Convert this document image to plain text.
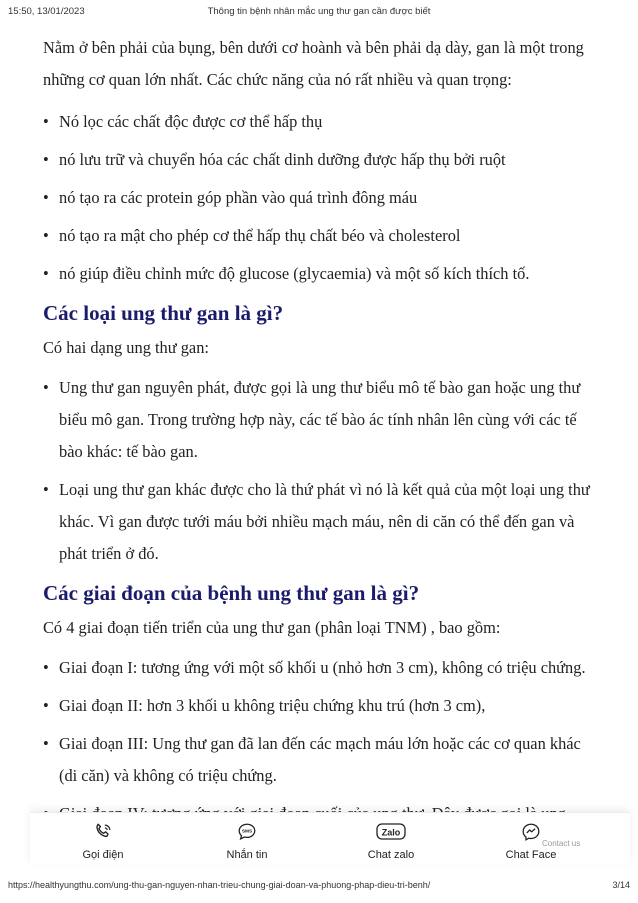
15:50, 13/01/2023	Thông tin bệnh nhân mắc ung thư gan cần được biết

Nằm ở bên phải của bụng, bên dưới cơ hoành và bên phải dạ dày, gan là một trong những cơ quan lớn nhất. Các chức năng của nó rất nhiều và quan trọng:

• Nó lọc các chất độc được cơ thể hấp thụ
• nó lưu trữ và chuyển hóa các chất dinh dưỡng được hấp thụ bởi ruột
• nó tạo ra các protein góp phần vào quá trình đông máu
• nó tạo ra mật cho phép cơ thể hấp thụ chất béo và cholesterol
• nó giúp điều chỉnh mức độ glucose (glycaemia) và một số kích thích tố.
Các loại ung thư gan là gì?

Có hai dạng ung thư gan:

• Ung thư gan nguyên phát, được gọi là ung thư biểu mô tế bào gan hoặc ung thư biểu mô gan. Trong trường hợp này, các tế bào ác tính nhân lên cùng với các tế bào khác: tế bào gan.
• Loại ung thư gan khác được cho là thứ phát vì nó là kết quả của một loại ung thư khác. Vì gan được tưới máu bởi nhiều mạch máu, nên di căn có thể đến gan và phát triển ở đó.
Các giai đoạn của bệnh ung thư gan là gì?

Có 4 giai đoạn tiến triển của ung thư gan (phân loại TNM) , bao gồm:

• Giai đoạn I: tương ứng với một số khối u (nhỏ hơn 3 cm), không có triệu chứng.
• Giai đoạn II: hơn 3 khối u không triệu chứng khu trú (hơn 3 cm),
• Giai đoạn III: Ung thư gan đã lan đến các mạch máu lớn hoặc các cơ quan khác (di căn) và không có triệu chứng.
•
Gọi điện
SMS
Nhắn tin
Zalo
Chat zalo	Chat Face
Contact us
https://healthyungthu.com/ung-thu-gan-nguyen-nhan-trieu-chung-giai-doan-va-phuong-phap-dieu-tri-benh/	3/14
